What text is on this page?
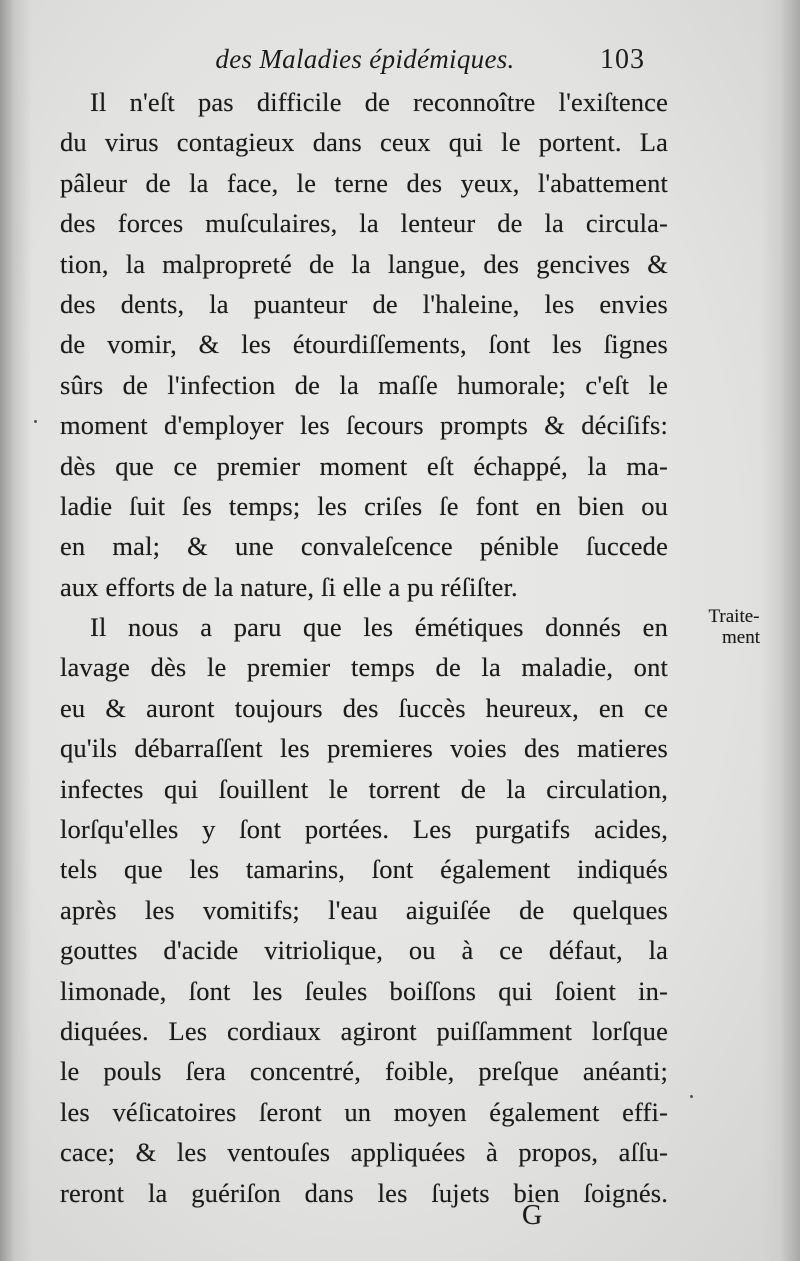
des Maladies épidémiques.	103
Il n'eſt pas difficile de reconnoître l'exiſtence
du virus contagieux dans ceux qui le portent. La
pâleur de la face, le terne des yeux, l'abattement
des forces muſculaires, la lenteur de la circula-
tion, la malpropreté de la langue, des gencives &
des dents, la puanteur de l'haleine, les envies
de vomir, & les étourdiſſements, ſont les ſignes
sûrs de l'infection de la maſſe humorale; c'eſt le
moment d'employer les ſecours prompts & déciſifs:
dès que ce premier moment eſt échappé, la ma-
ladie ſuit ſes temps; les criſes ſe font en bien ou
en mal; & une convaleſcence pénible ſuccede
aux efforts de la nature, ſi elle a pu réſiſter.
Il nous a paru que les émétiques donnés en
lavage dès le premier temps de la maladie, ont
eu & auront toujours des ſuccès heureux, en ce
qu'ils débarraſſent les premieres voies des matieres
infectes qui ſouillent le torrent de la circulation,
lorſqu'elles y ſont portées. Les purgatifs acides,
tels que les tamarins, ſont également indiqués
après les vomitifs; l'eau aiguiſée de quelques
gouttes d'acide vitriolique, ou à ce défaut, la
limonade, ſont les ſeules boiſſons qui ſoient in-
diquées. Les cordiaux agiront puiſſamment lorſque
le pouls ſera concentré, foible, preſque anéanti;
les véſicatoires ſeront un moyen également effi-
cace; & les ventouſes appliquées à propos, aſſu-
reront la guériſon dans les ſujets bien ſoignés.
Traite-
ment
G
